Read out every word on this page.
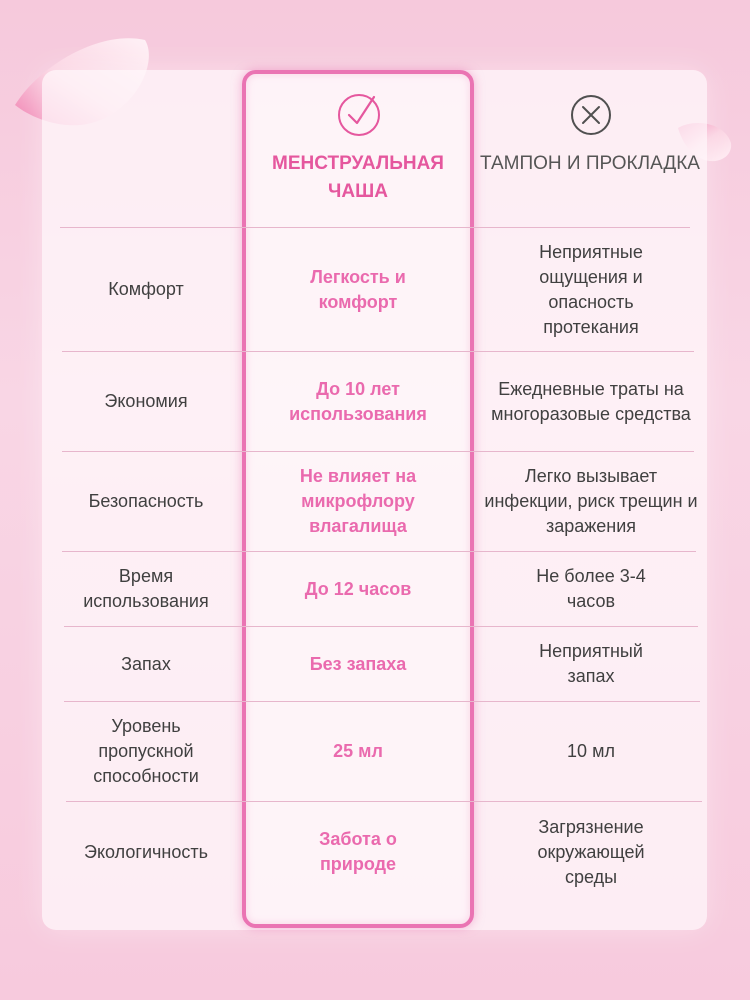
МЕНСТРУАЛЬНАЯ ЧАША
ТАМПОН И ПРОКЛАДКА
Комфорт
Легкость и комфорт
Неприятные ощущения и опасность протекания
Экономия
До 10 лет использования
Ежедневные траты на многоразовые средства
Безопасность
Не влияет на микрофлору влагалища
Легко вызывает инфекции, риск трещин и заражения
Время использования
До 12 часов
Не более 3-4 часов
Запах	Без запаха
Неприятный запах
Уровень пропускной способности
25 мл	10 мл
Экологичность
Забота о природе
Загрязнение окружающей среды
